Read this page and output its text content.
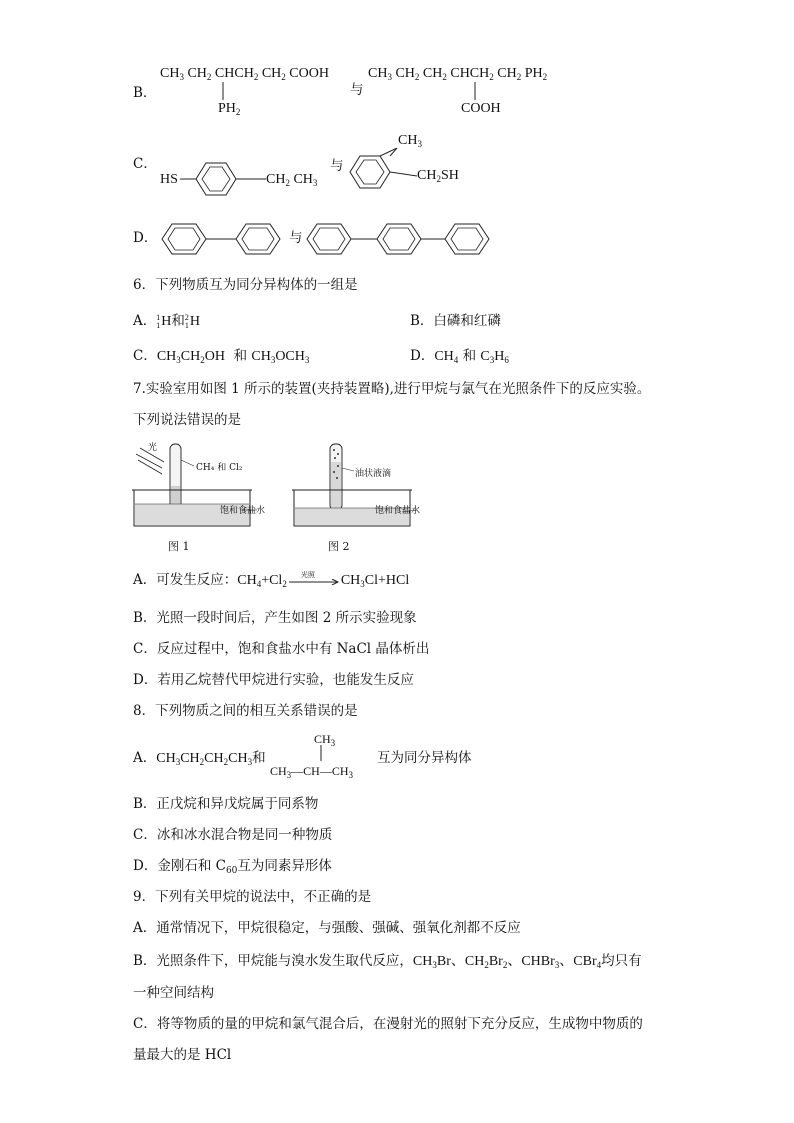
B．
$CH_3$ $CH_2$ $CHCH_2$ $CH_2$ COOH
$PH_2$
与
$CH_3$ $CH_2$ $CH_2$ $CHCH_2$ $CH_2$ $PH_2$
COOH
C．
HS	$CH_2$ $CH_3$
与
$CH_3$
$CH_2SH$
D．	与
6．下列物质互为同分异构体的一组是
A． 1
1 H和 2
1 H	B．白磷和红磷
C．$CH_3CH_2OH$  和 $CH_3OCH_3$	D．$CH_4$ 和 $C_3H_6$
7.实验室用如图 1 所示的装置(夹持装置略),进行甲烷与氯气在光照条件下的反应实验。
下列说法错误的是
光
CH₄ 和 Cl₂
饱和食盐水
图 1
油状液滴
饱和食盐水
图 2
A．可发生反应：$CH_4+Cl_2$
光照 $CH_3Cl+HCl$
B．光照一段时间后，产生如图 2 所示实验现象
C．反应过程中，饱和食盐水中有 NaCl 晶体析出
D．若用乙烷替代甲烷进行实验，也能发生反应
8．下列物质之间的相互关系错误的是
A．$CH_3CH_2CH_2CH_3$和
$CH_3$
$CH_3—CH—CH_3$
互为同分异构体
B．正戊烷和异戊烷属于同系物
C．冰和冰水混合物是同一种物质
D．金刚石和 $C_{60}$互为同素异形体
9．下列有关甲烷的说法中，不正确的是
A．通常情况下，甲烷很稳定，与强酸、强碱、强氧化剂都不反应
B．光照条件下，甲烷能与溴水发生取代反应，$CH_3Br$、$CH_2Br_2$、CHBr$_3$、CBr$_4$均只有
一种空间结构
C．将等物质的量的甲烷和氯气混合后，在漫射光的照射下充分反应，生成物中物质的
量最大的是 HCl
